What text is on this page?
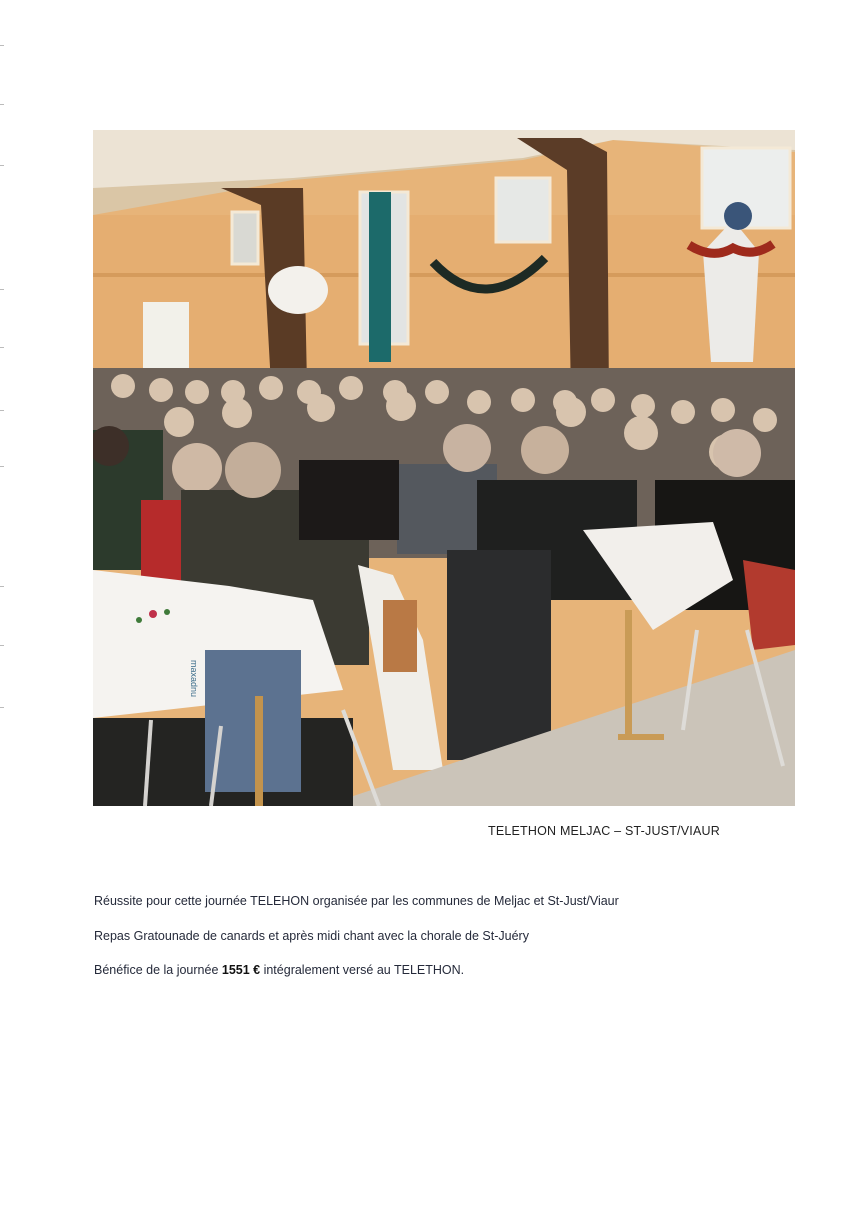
maxadnu
TELETHON MELJAC – ST-JUST/VIAUR
Réussite pour cette journée TELEHON organisée par les communes de Meljac et St-Just/Viaur
Repas Gratounade de canards et après midi chant avec la chorale de St-Juéry
Bénéfice de la journée 1551 € intégralement versé au TELETHON.
